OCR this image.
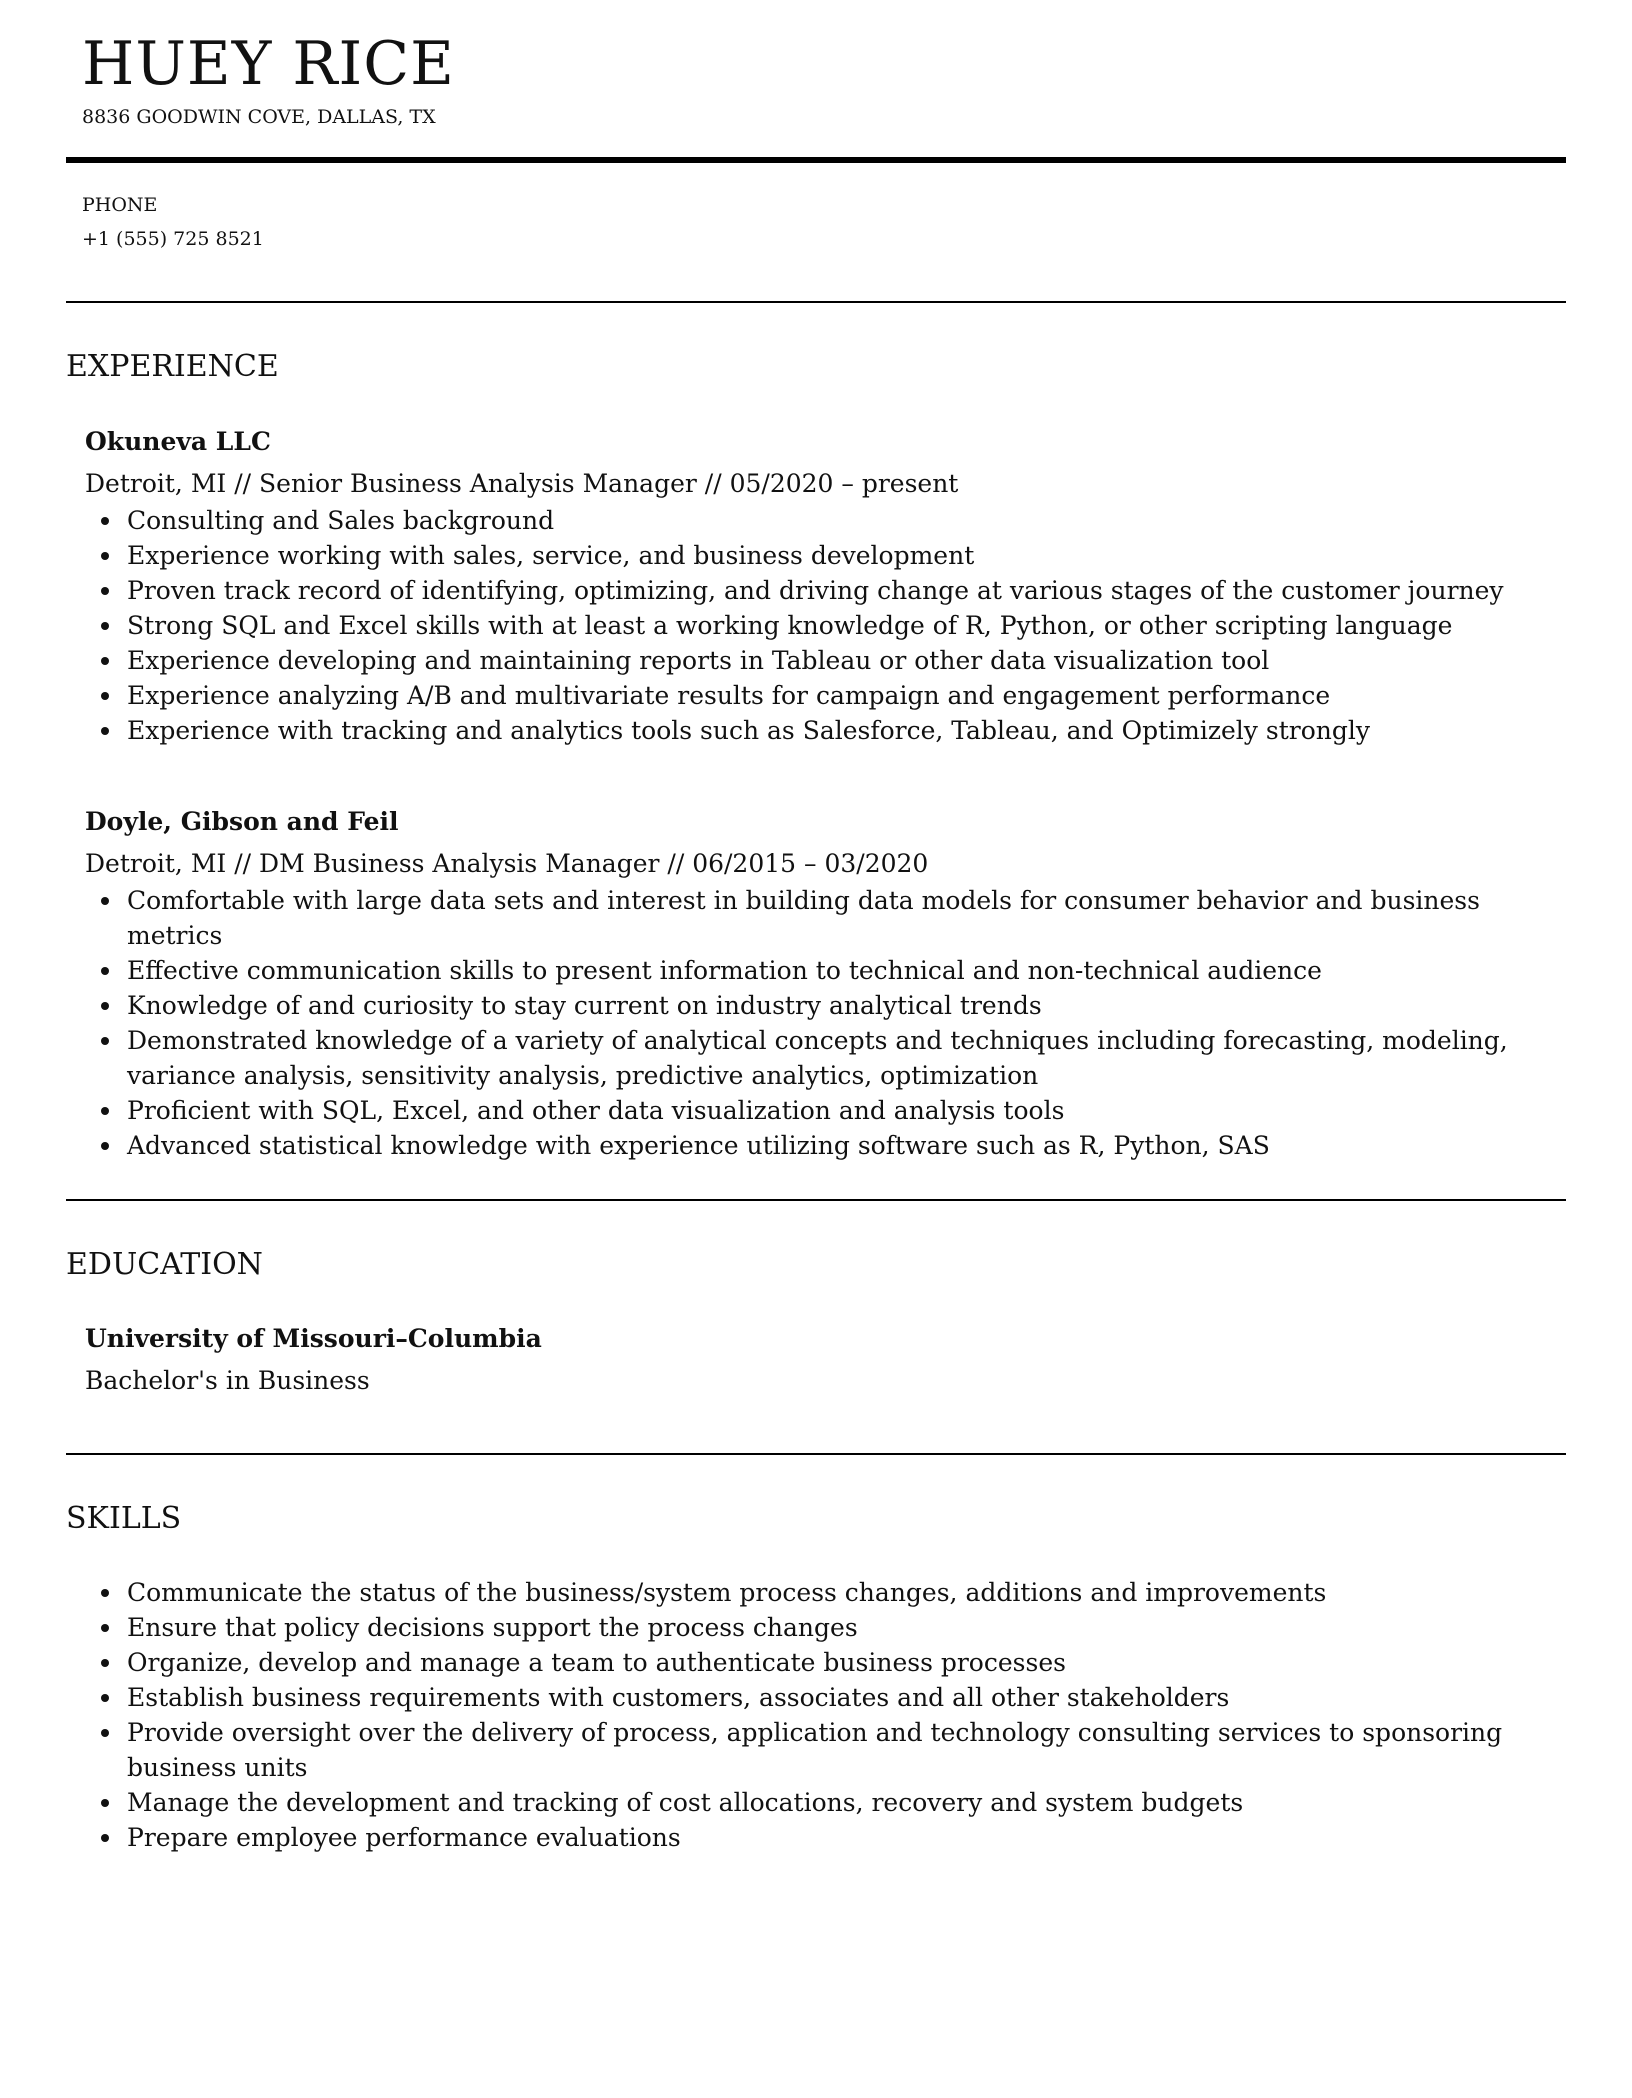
HUEY RICE
8836 GOODWIN COVE, DALLAS, TX
PHONE
+1 (555) 725 8521
EXPERIENCE
Okuneva LLC
Detroit, MI // Senior Business Analysis Manager // 05/2020 – present
Consulting and Sales background
Experience working with sales, service, and business development
Proven track record of identifying, optimizing, and driving change at various stages of the customer journey
Strong SQL and Excel skills with at least a working knowledge of R, Python, or other scripting language
Experience developing and maintaining reports in Tableau or other data visualization tool
Experience analyzing A/B and multivariate results for campaign and engagement performance
Experience with tracking and analytics tools such as Salesforce, Tableau, and Optimizely strongly
Doyle, Gibson and Feil
Detroit, MI // DM Business Analysis Manager // 06/2015 – 03/2020
Comfortable with large data sets and interest in building data models for consumer behavior and business metrics
Effective communication skills to present information to technical and non-technical audience
Knowledge of and curiosity to stay current on industry analytical trends
Demonstrated knowledge of a variety of analytical concepts and techniques including forecasting, modeling, variance analysis, sensitivity analysis, predictive analytics, optimization
Proficient with SQL, Excel, and other data visualization and analysis tools
Advanced statistical knowledge with experience utilizing software such as R, Python, SAS
EDUCATION
University of Missouri–Columbia
Bachelor's in Business
SKILLS
Communicate the status of the business/system process changes, additions and improvements
Ensure that policy decisions support the process changes
Organize, develop and manage a team to authenticate business processes
Establish business requirements with customers, associates and all other stakeholders
Provide oversight over the delivery of process, application and technology consulting services to sponsoring business units
Manage the development and tracking of cost allocations, recovery and system budgets
Prepare employee performance evaluations
